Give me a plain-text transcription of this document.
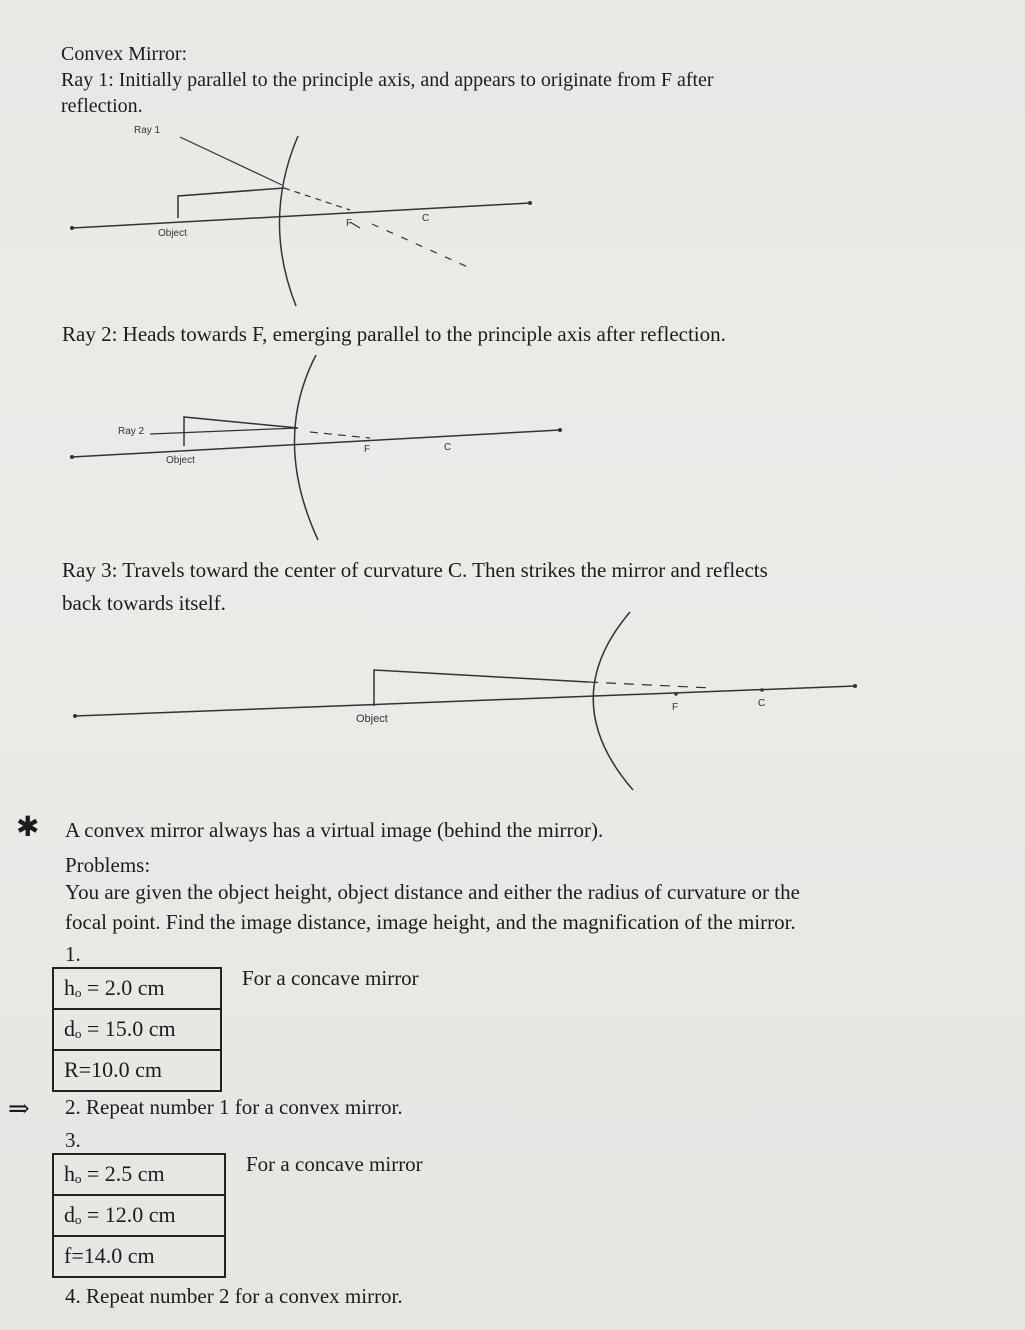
Convex Mirror:
Ray 1: Initially parallel to the principle axis, and appears to originate from F after
reflection.
Ray 1
Object
F	C
Ray 2
Object
F	C
Object
F	C
Ray 2: Heads towards F, emerging parallel to the principle axis after reflection.
Ray 3: Travels toward the center of curvature C. Then strikes the mirror and reflects
back towards itself.
✱ A convex mirror always has a virtual image (behind the mirror).
Problems:
You are given the object height, object distance and either the radius of curvature or the
focal point. Find the image distance, image height, and the magnification of the mirror.
1.
hₒ = 2.0 cm
dₒ = 15.0 cm
R=10.0 cm
For a concave mirror
⇒ 2. Repeat number 1 for a convex mirror.
3.
hₒ = 2.5 cm
dₒ = 12.0 cm
f=14.0 cm
For a concave mirror
4. Repeat number 2 for a convex mirror.
